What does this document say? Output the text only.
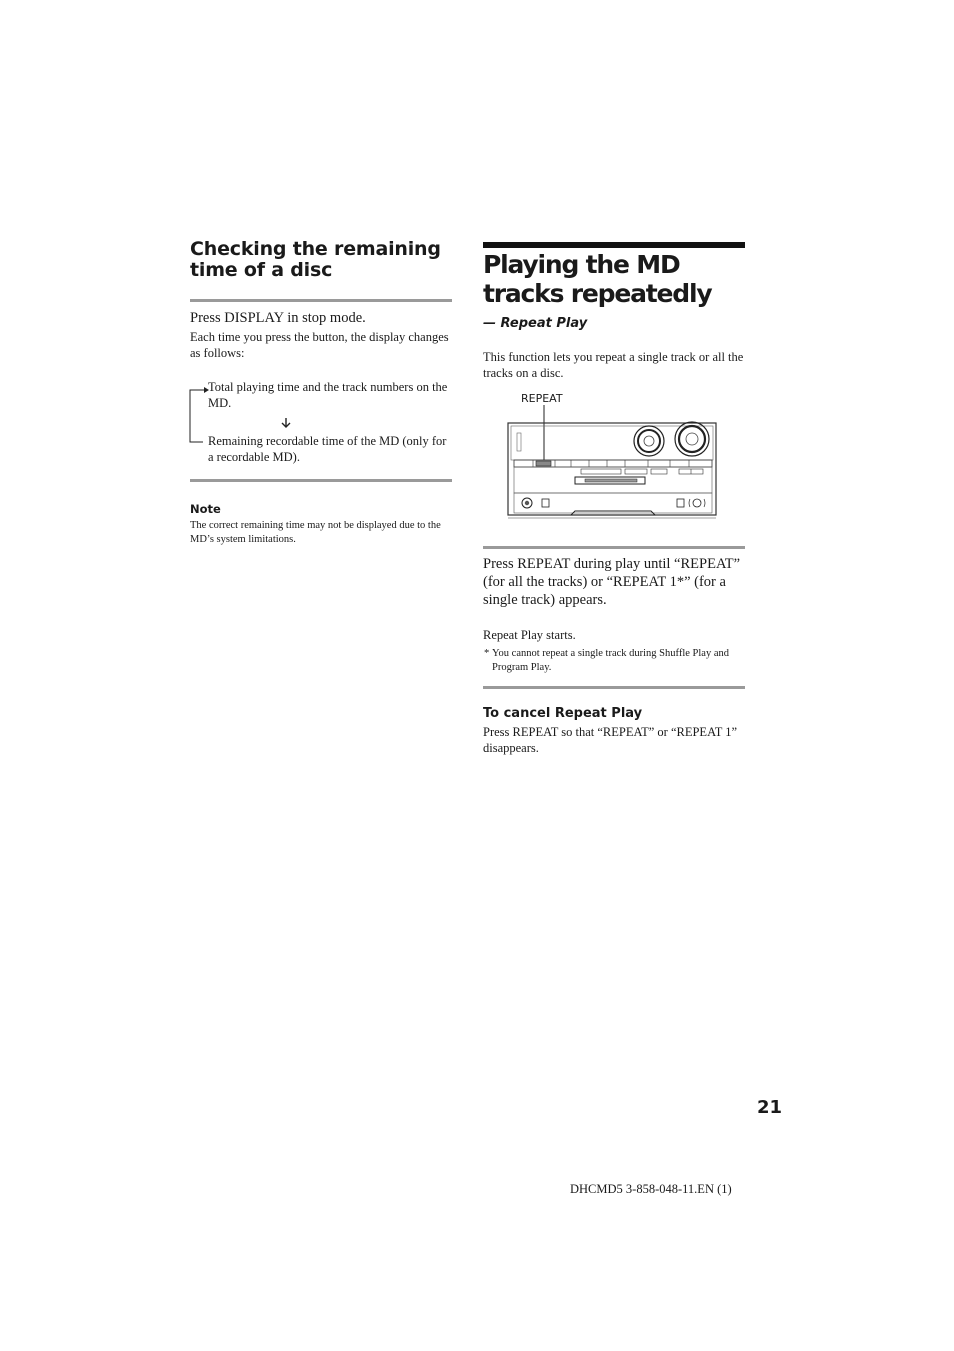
Checking the remaining time of a disc
Press DISPLAY in stop mode.
Each time you press the button, the display changes as follows:
Total playing time and the track numbers on the MD.
Remaining recordable time of the MD (only for a recordable MD).
Note
The correct remaining time may not be displayed due to the MD’s system limitations.
Playing the MD tracks repeatedly
— Repeat Play
This function lets you repeat a single track or all the tracks on a disc.
REPEAT
Press REPEAT during play until “REPEAT” (for all the tracks) or “REPEAT 1*” (for a single track) appears.
Repeat Play starts.
* You cannot repeat a single track during Shuffle Play and Program Play.
To cancel Repeat Play
Press REPEAT so that “REPEAT” or “REPEAT 1” disappears.
21
DHCMD5 3-858-048-11.EN (1)
